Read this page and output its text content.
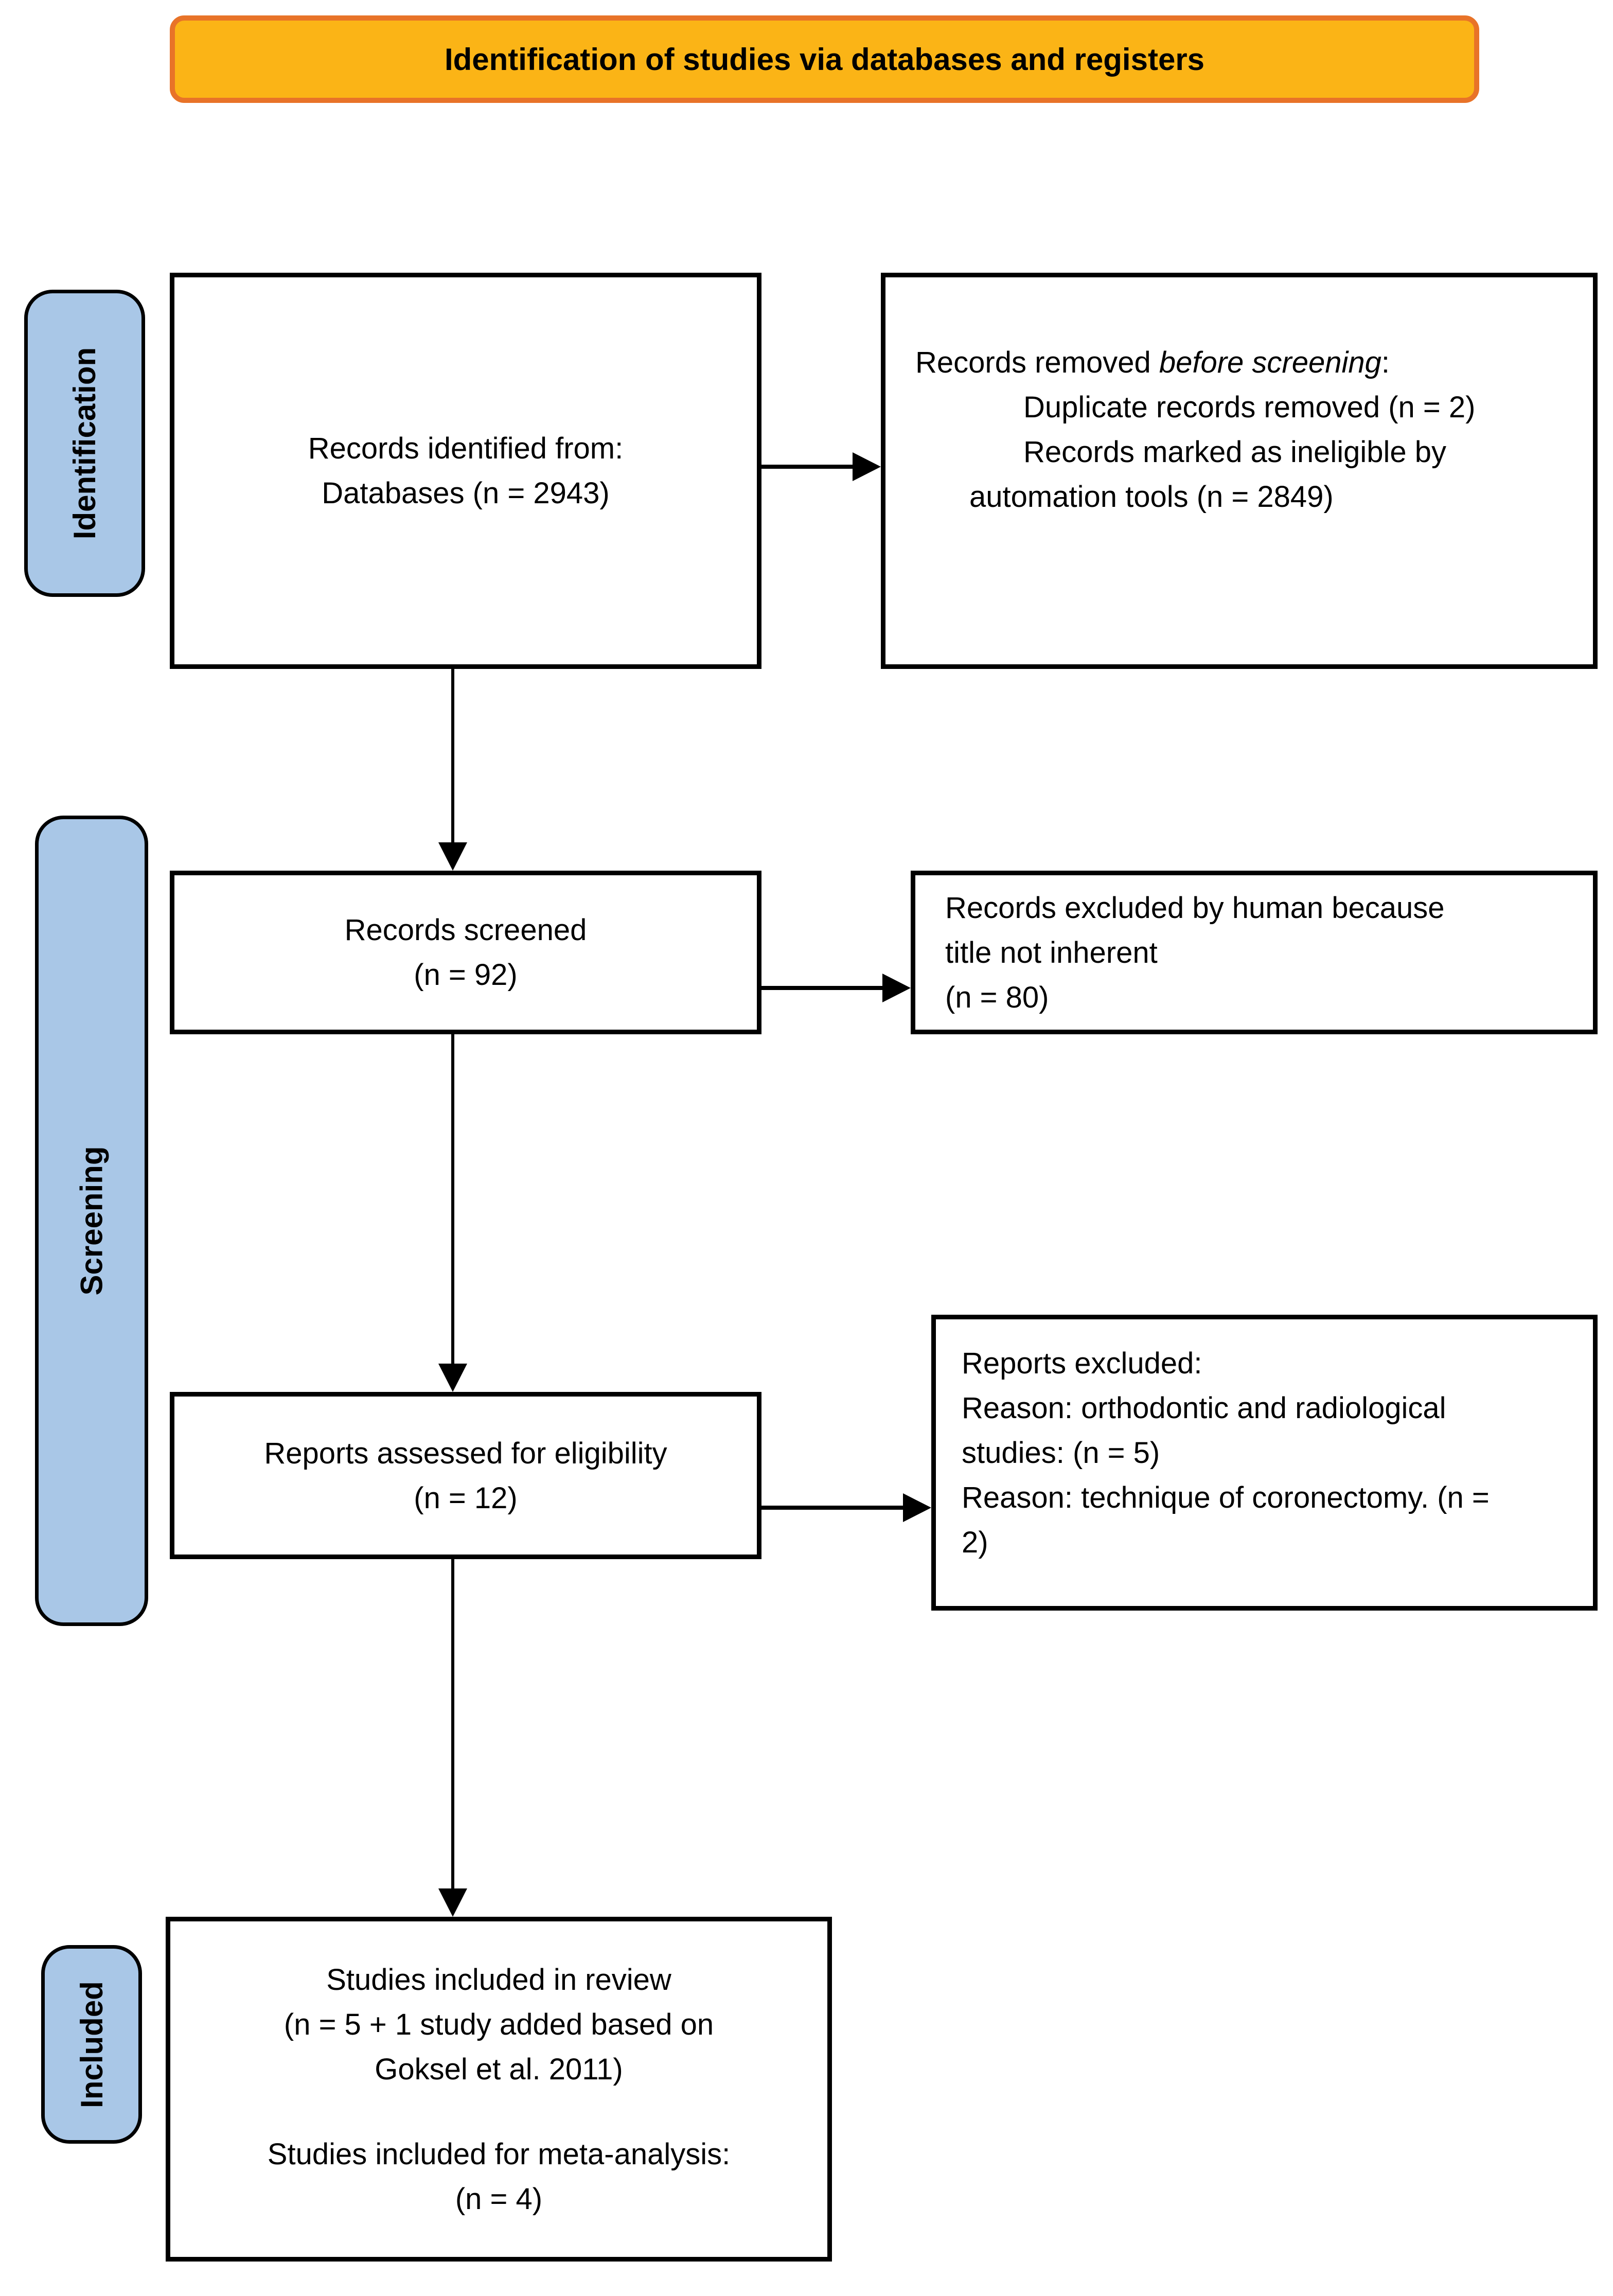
Identification of studies via databases and registers
Identification
Screening
Included
Records identified from:
Databases (n = 2943)
Records removed before screening:
Duplicate records removed (n = 2)
Records marked as ineligible by
automation tools (n = 2849)
Records screened
(n = 92)
Records excluded by human because
title not inherent
(n = 80)
Reports assessed for eligibility
(n = 12)
Reports excluded:
Reason: orthodontic and radiological
studies: (n = 5)
Reason: technique of coronectomy. (n =
2)
Studies included in review
(n = 5 + 1 study added based on
Goksel et al. 2011)
Studies included for meta-analysis:
(n = 4)
